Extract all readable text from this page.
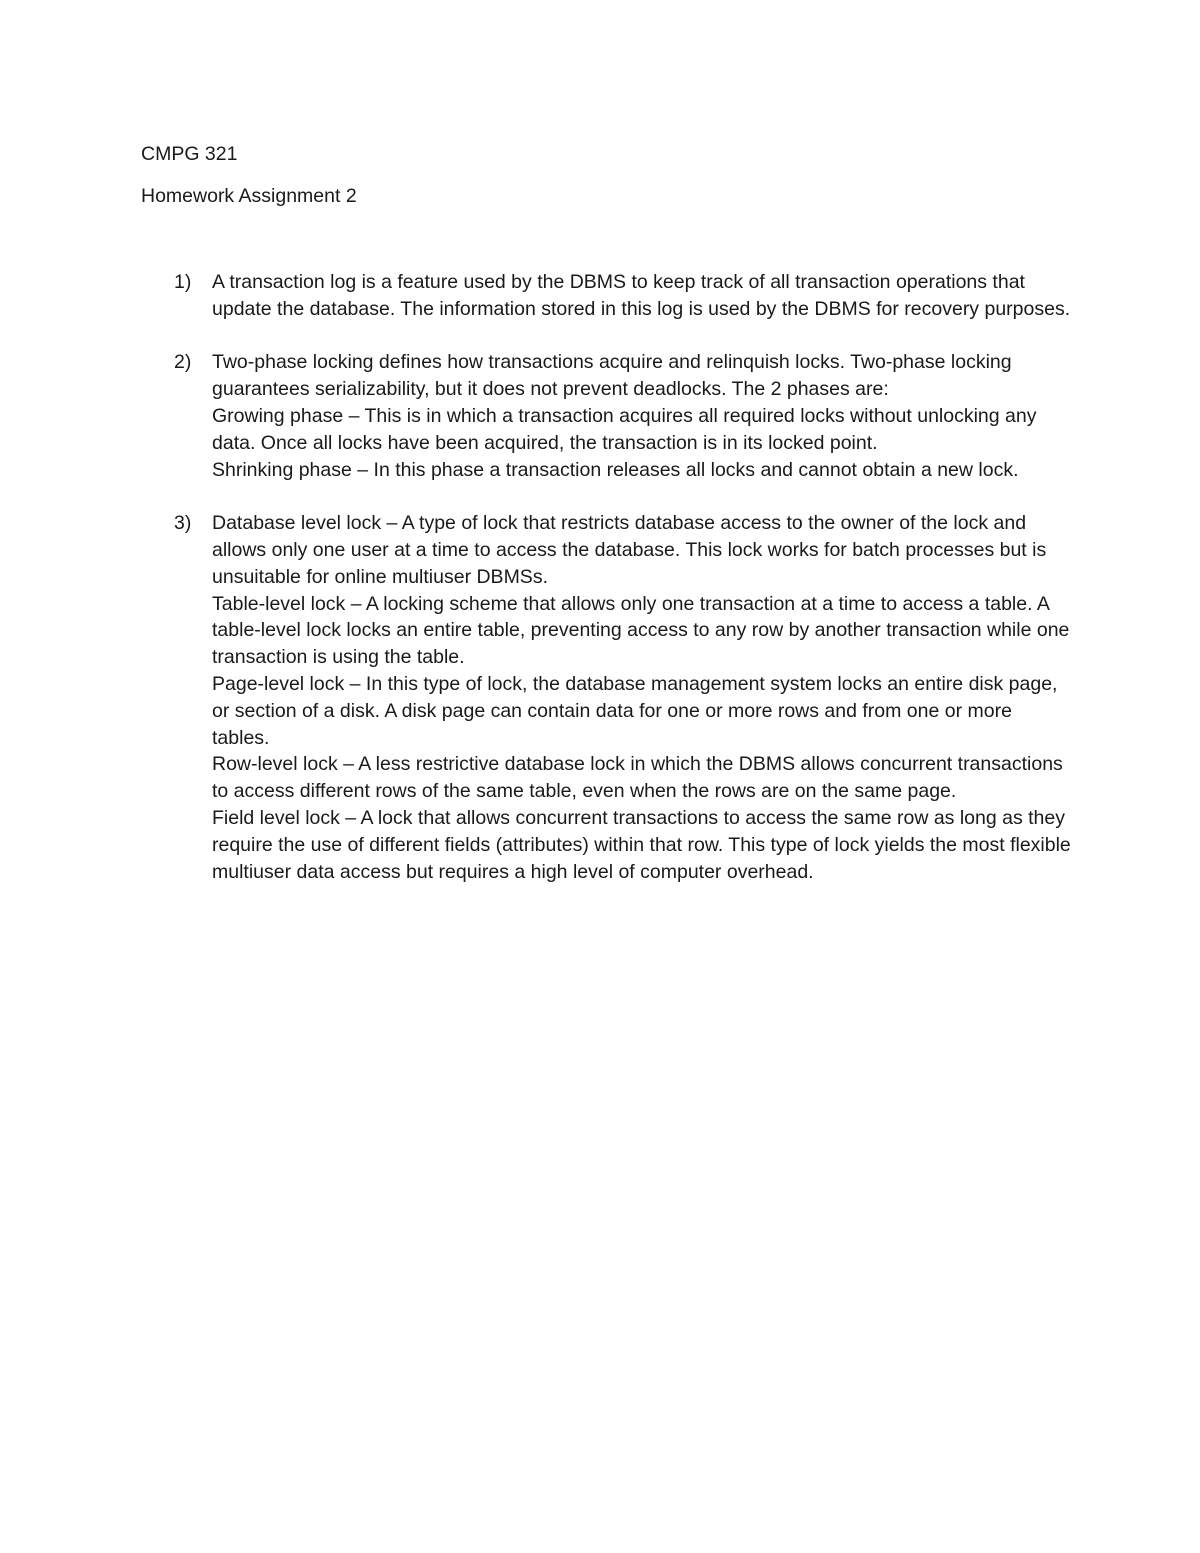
CMPG 321

Homework Assignment 2

1) A transaction log is a feature used by the DBMS to keep track of all transaction operations that update the database. The information stored in this log is used by the DBMS for recovery purposes.
2) Two-phase locking defines how transactions acquire and relinquish locks. Two-phase locking guarantees serializability, but it does not prevent deadlocks. The 2 phases are:
Growing phase – This is in which a transaction acquires all required locks without unlocking any data. Once all locks have been acquired, the transaction is in its locked point.
Shrinking phase – In this phase a transaction releases all locks and cannot obtain a new lock.
3) Database level lock – A type of lock that restricts database access to the owner of the lock and allows only one user at a time to access the database. This lock works for batch processes but is unsuitable for online multiuser DBMSs.
Table-level lock – A locking scheme that allows only one transaction at a time to access a table. A table-level lock locks an entire table, preventing access to any row by another transaction while one transaction is using the table.
Page-level lock – In this type of lock, the database management system locks an entire disk page, or section of a disk. A disk page can contain data for one or more rows and from one or more tables.
Row-level lock – A less restrictive database lock in which the DBMS allows concurrent transactions to access different rows of the same table, even when the rows are on the same page.
Field level lock – A lock that allows concurrent transactions to access the same row as long as they require the use of different fields (attributes) within that row. This type of lock yields the most flexible multiuser data access but requires a high level of computer overhead.
